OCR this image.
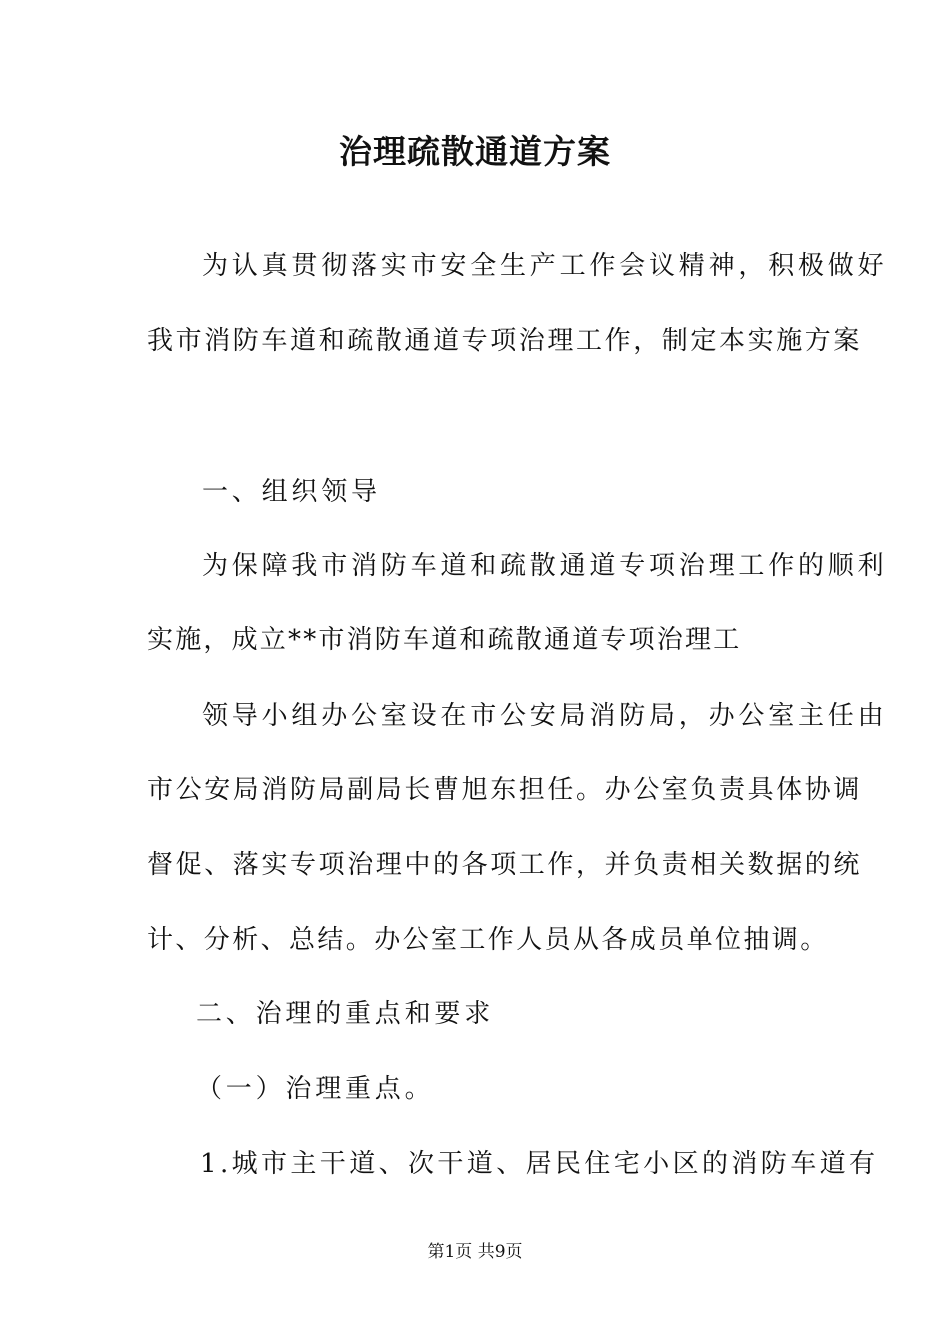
治理疏散通道方案
为认真贯彻落实市安全生产工作会议精神，积极做好
我市消防车道和疏散通道专项治理工作，制定本实施方案
一、组织领导
为保障我市消防车道和疏散通道专项治理工作的顺利
实施，成立**市消防车道和疏散通道专项治理工
领导小组办公室设在市公安局消防局，办公室主任由
市公安局消防局副局长曹旭东担任。办公室负责具体协调
督促、落实专项治理中的各项工作，并负责相关数据的统
计、分析、总结。办公室工作人员从各成员单位抽调。
二、治理的重点和要求
（一）治理重点。
1.城市主干道、次干道、居民住宅小区的消防车道有
第1页 共9页
